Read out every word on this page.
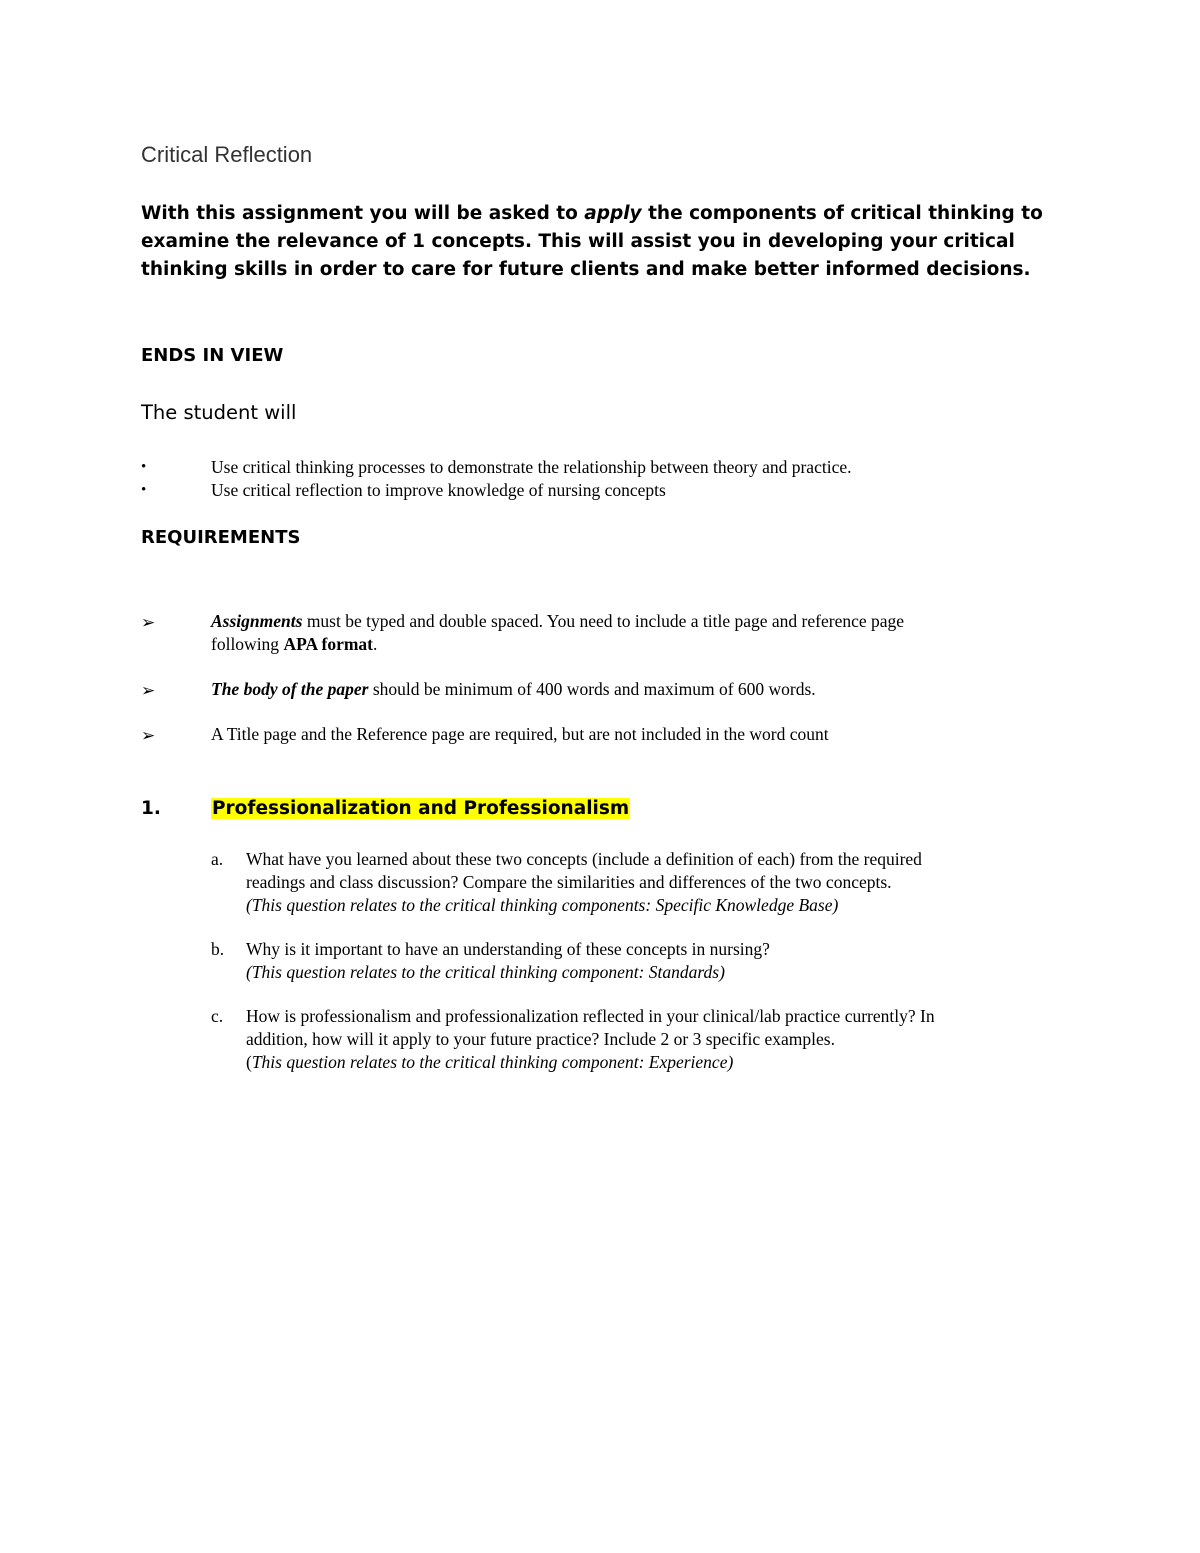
Critical Reflection
With this assignment you will be asked to apply the components of critical thinking to examine the relevance of 1 concepts. This will assist you in developing your critical thinking skills in order to care for future clients and make better informed decisions.
ENDS IN VIEW
The student will
•	Use critical thinking processes to demonstrate the relationship between theory and practice.
•	Use critical reflection to improve knowledge of nursing concepts
REQUIREMENTS
➢	Assignments must be typed and double spaced. You need to include a title page and reference page
following APA format.
➢	The body of the paper should be minimum of 400 words and maximum of 600 words.
➢	A Title page and the Reference page are required, but are not included in the word count
1.	Professionalization and Professionalism
a. What have you learned about these two concepts (include a definition of each) from the required
readings and class discussion? Compare the similarities and differences of the two concepts.
(This question relates to the critical thinking components: Specific Knowledge Base)
b. Why is it important to have an understanding of these concepts in nursing?
(This question relates to the critical thinking component: Standards)
c. How is professionalism and professionalization reflected in your clinical/lab practice currently? In
addition, how will it apply to your future practice? Include 2 or 3 specific examples.
(This question relates to the critical thinking component: Experience)
